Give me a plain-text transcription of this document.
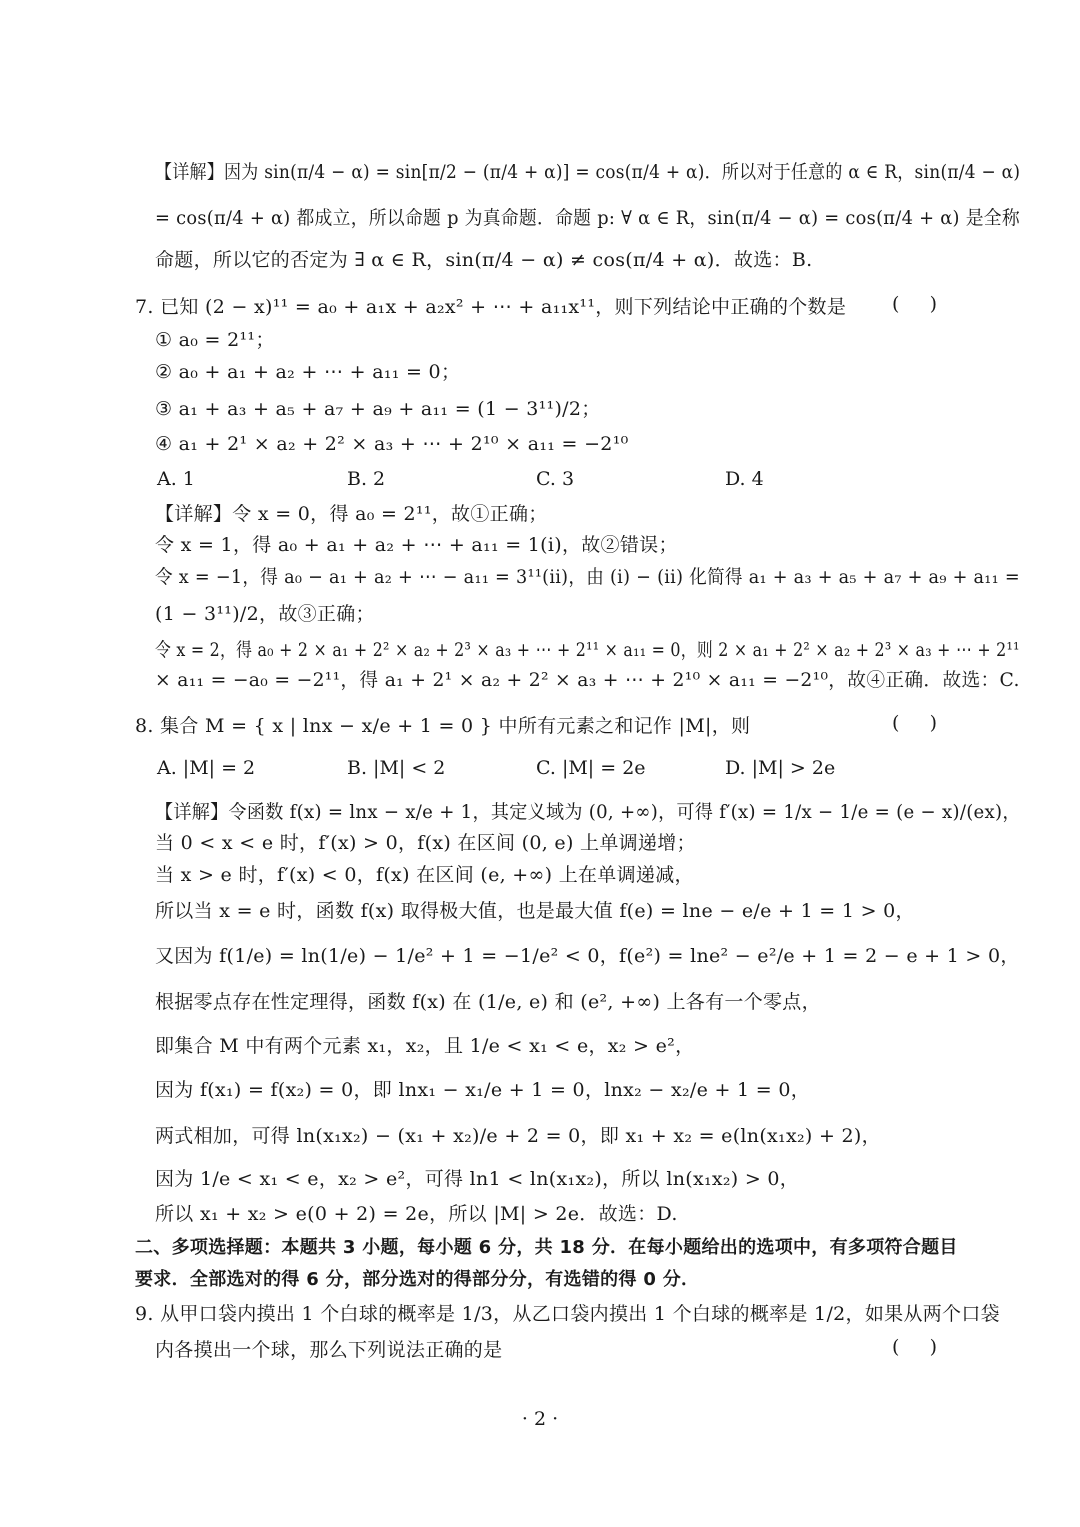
【详解】因为 sin(π/4 − α) = sin[π/2 − (π/4 + α)] = cos(π/4 + α)．所以对于任意的 α ∈ R，sin(π/4 − α)
= cos(π/4 + α) 都成立，所以命题 p 为真命题．命题 p: ∀ α ∈ R，sin(π/4 − α) = cos(π/4 + α) 是全称
命题，所以它的否定为 ∃ α ∈ R，sin(π/4 − α) ≠ cos(π/4 + α)．故选：B.
7. 已知 (2 − x)¹¹ = a₀ + a₁x + a₂x² + ⋯ + a₁₁x¹¹，则下列结论中正确的个数是 (     )
① a₀ = 2¹¹；
② a₀ + a₁ + a₂ + ⋯ + a₁₁ = 0；
③ a₁ + a₃ + a₅ + a₇ + a₉ + a₁₁ = (1 − 3¹¹)/2；
④ a₁ + 2¹ × a₂ + 2² × a₃ + ⋯ + 2¹⁰ × a₁₁ = −2¹⁰
A. 1	B. 2	C. 3	D. 4
【详解】令 x = 0，得 a₀ = 2¹¹，故①正确；
令 x = 1，得 a₀ + a₁ + a₂ + ⋯ + a₁₁ = 1(i)，故②错误；
令 x = −1，得 a₀ − a₁ + a₂ + ⋯ − a₁₁ = 3¹¹(ii)，由 (i) − (ii) 化简得 a₁ + a₃ + a₅ + a₇ + a₉ + a₁₁ =
(1 − 3¹¹)/2，故③正确；
令 x = 2，得 a₀ + 2 × a₁ + 2² × a₂ + 2³ × a₃ + ⋯ + 2¹¹ × a₁₁ = 0，则 2 × a₁ + 2² × a₂ + 2³ × a₃ + ⋯ + 2¹¹
× a₁₁ = −a₀ = −2¹¹，得 a₁ + 2¹ × a₂ + 2² × a₃ + ⋯ + 2¹⁰ × a₁₁ = −2¹⁰，故④正确．故选：C.
8. 集合 M = { x | lnx − x/e + 1 = 0 } 中所有元素之和记作 |M|，则	(     )
A. |M| = 2	B. |M| < 2	C. |M| = 2e	D. |M| > 2e
【详解】令函数 f(x) = lnx − x/e + 1，其定义域为 (0, +∞)，可得 f′(x) = 1/x − 1/e = (e − x)/(ex)，
当 0 < x < e 时，f′(x) > 0，f(x) 在区间 (0, e) 上单调递增；
当 x > e 时，f′(x) < 0，f(x) 在区间 (e, +∞) 上在单调递减，
所以当 x = e 时，函数 f(x) 取得极大值，也是最大值 f(e) = lne − e/e + 1 = 1 > 0，
又因为 f(1/e) = ln(1/e) − 1/e² + 1 = −1/e² < 0，f(e²) = lne² − e²/e + 1 = 2 − e + 1 > 0，
根据零点存在性定理得，函数 f(x) 在 (1/e, e) 和 (e², +∞) 上各有一个零点，
即集合 M 中有两个元素 x₁，x₂，且 1/e < x₁ < e，x₂ > e²，
因为 f(x₁) = f(x₂) = 0，即 lnx₁ − x₁/e + 1 = 0，lnx₂ − x₂/e + 1 = 0，
两式相加，可得 ln(x₁x₂) − (x₁ + x₂)/e + 2 = 0，即 x₁ + x₂ = e(ln(x₁x₂) + 2)，
因为 1/e < x₁ < e，x₂ > e²，可得 ln1 < ln(x₁x₂)，所以 ln(x₁x₂) > 0，
所以 x₁ + x₂ > e(0 + 2) = 2e，所以 |M| > 2e．故选：D.
二、多项选择题：本题共 3 小题，每小题 6 分，共 18 分．在每小题给出的选项中，有多项符合题目
要求．全部选对的得 6 分，部分选对的得部分分，有选错的得 0 分．
9. 从甲口袋内摸出 1 个白球的概率是 1/3，从乙口袋内摸出 1 个白球的概率是 1/2，如果从两个口袋
内各摸出一个球，那么下列说法正确的是	(     )
· 2 ·
